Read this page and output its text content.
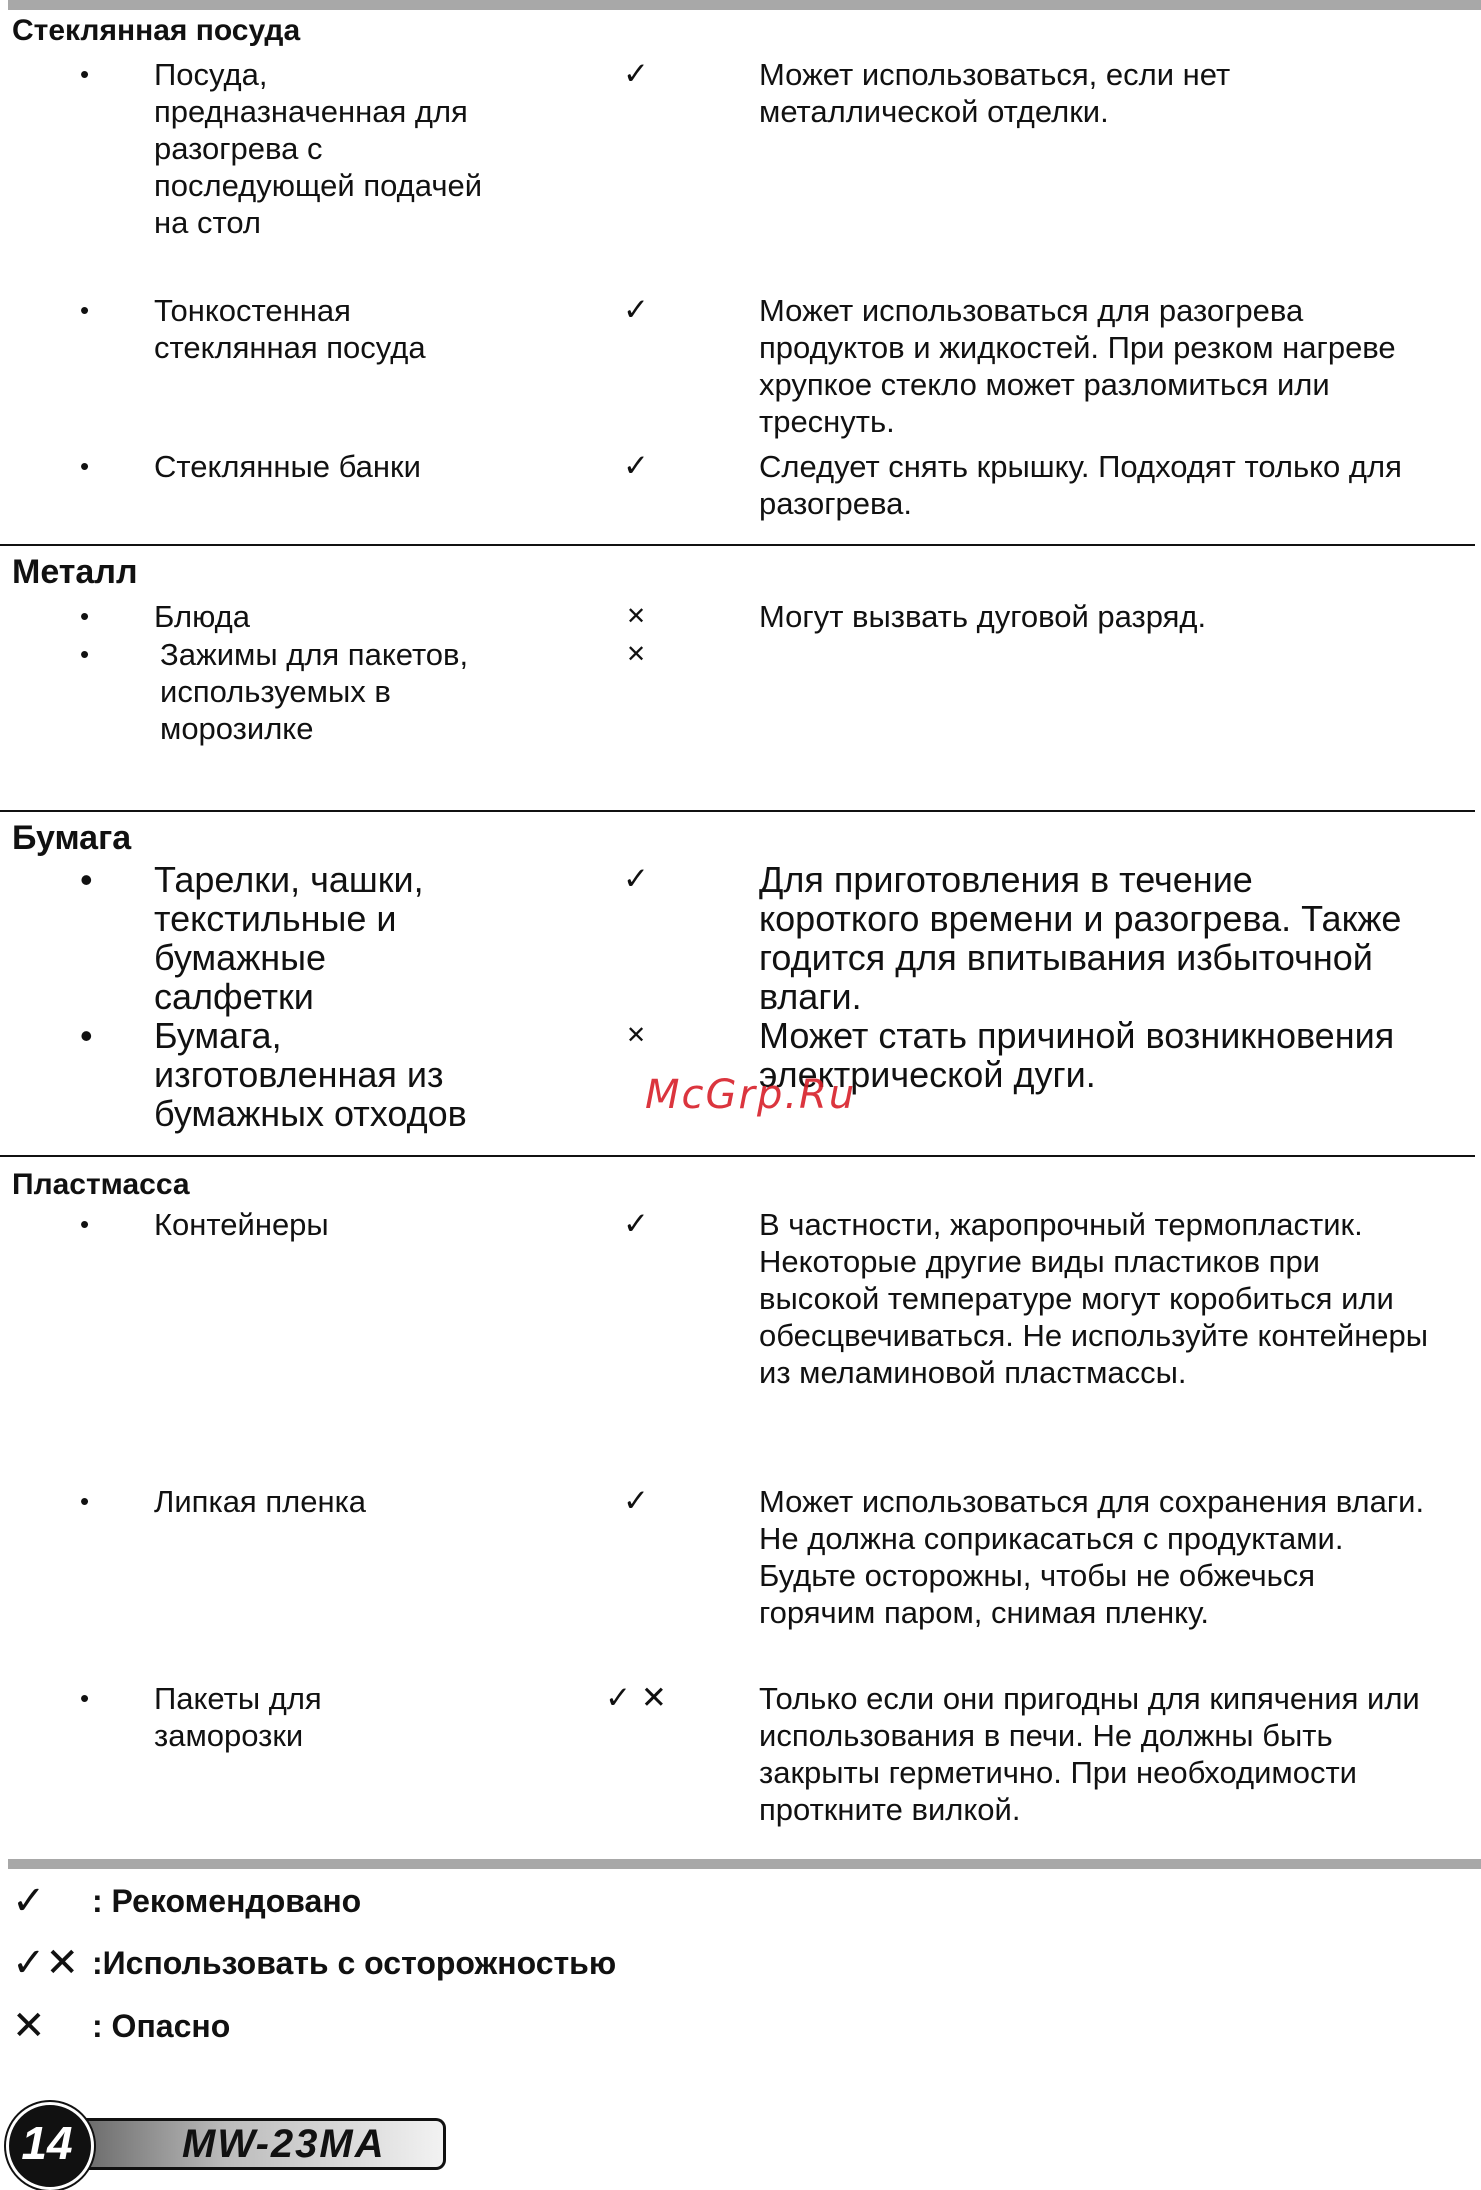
Стеклянная посуда
• Посуда,
предназначенная для
разогрева с
последующей подачей
на стол
✓	Может использоваться, если нет
металлической отделки.
• Тонкостенная
стеклянная посуда
✓	Может использоваться для разогрева
продуктов и жидкостей. При резком нагреве
хрупкое стекло может разломиться или
треснуть.
• Стеклянные банки	✓	Следует снять крышку. Подходят только для
разогрева.
Металл
• Блюда	✕	Могут вызвать дуговой разряд.
• Зажимы для пакетов,
используемых в
морозилке
✕
Бумага
• Тарелки, чашки,
текстильные и
бумажные
салфетки
✓	Для приготовления в течение
короткого времени и разогрева. Также
годится для впитывания избыточной
влаги.
• Бумага,
изготовленная из
бумажных отходов
✕	Может стать причиной возникновения
электрической дуги.
McGrp.Ru
Пластмасса
• Контейнеры	✓	В частности, жаропрочный термопластик.
Некоторые другие виды пластиков при
высокой температуре могут коробиться или
обесцвечиваться. Не используйте контейнеры
из меламиновой пластмассы.
• Липкая пленка	✓	Может использоваться для сохранения влаги.
Не должна соприкасаться с продуктами.
Будьте осторожны, чтобы не обжечься
горячим паром, снимая пленку.
• Пакеты для
заморозки
✓ ✕	Только если они пригодны для кипячения или
использования в печи. Не должны быть
закрыты герметично. При необходимости
проткните вилкой.
✓	: Рекомендовано
✓✕ :Использовать с осторожностью
✕	: Опасно
MW-23MA
14
